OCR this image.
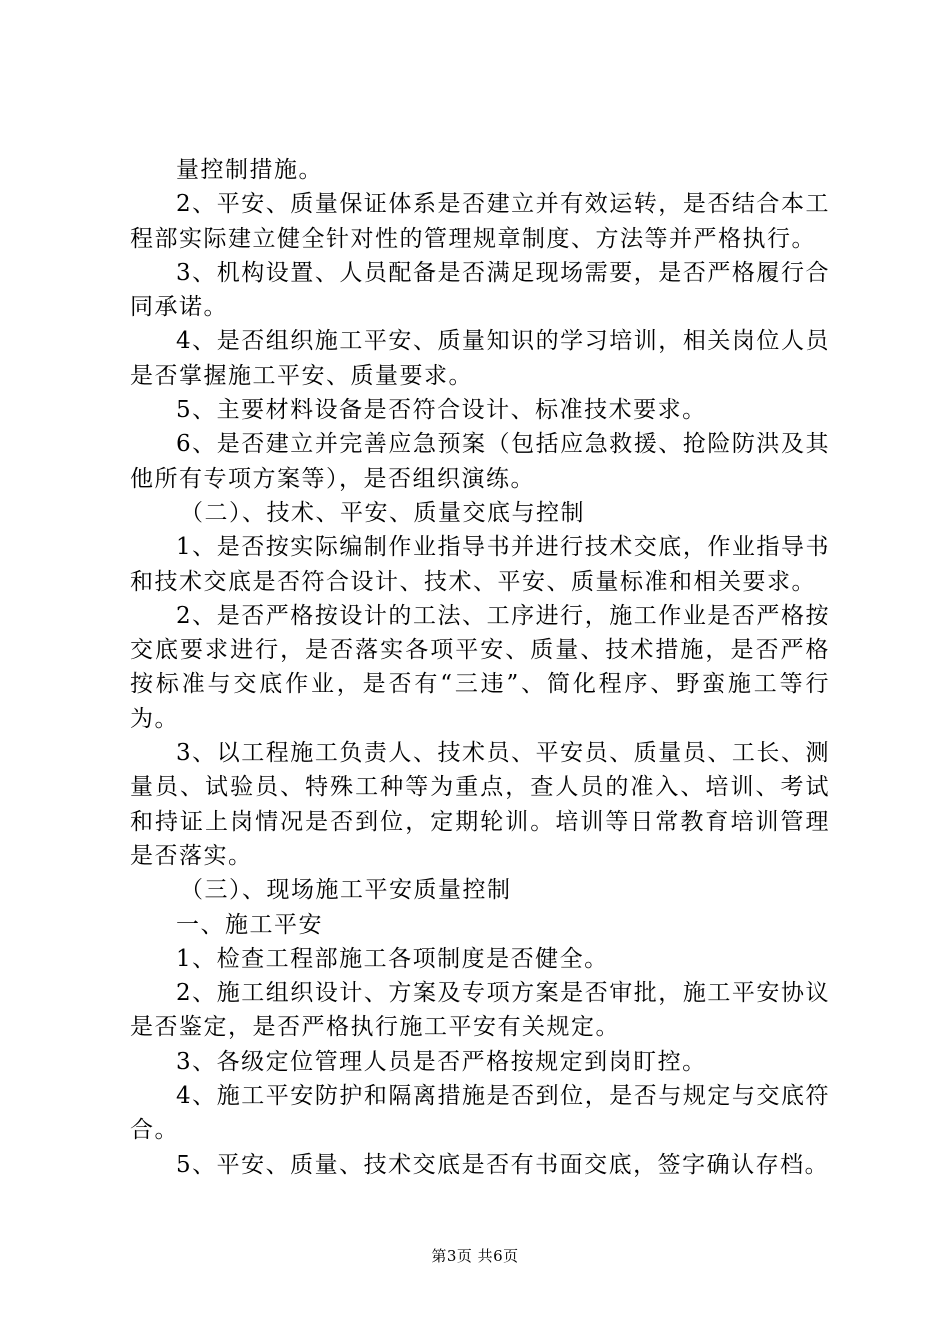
量控制措施。

2、平安、质量保证体系是否建立并有效运转，是否结合本工程部实际建立健全针对性的管理规章制度、方法等并严格执行。

3、机构设置、人员配备是否满足现场需要，是否严格履行合同承诺。

4、是否组织施工平安、质量知识的学习培训，相关岗位人员是否掌握施工平安、质量要求。

5、主要材料设备是否符合设计、标准技术要求。

6、是否建立并完善应急预案（包括应急救援、抢险防洪及其他所有专项方案等），是否组织演练。

（二）、技术、平安、质量交底与控制

1、是否按实际编制作业指导书并进行技术交底，作业指导书和技术交底是否符合设计、技术、平安、质量标准和相关要求。

2、是否严格按设计的工法、工序进行，施工作业是否严格按交底要求进行，是否落实各项平安、质量、技术措施，是否严格按标准与交底作业，是否有“三违”、简化程序、野蛮施工等行为。

3、以工程施工负责人、技术员、平安员、质量员、工长、测量员、试验员、特殊工种等为重点，查人员的准入、培训、考试和持证上岗情况是否到位，定期轮训。培训等日常教育培训管理是否落实。

（三）、现场施工平安质量控制

一、施工平安

1、检查工程部施工各项制度是否健全。

2、施工组织设计、方案及专项方案是否审批，施工平安协议是否鉴定，是否严格执行施工平安有关规定。

3、各级定位管理人员是否严格按规定到岗盯控。

4、施工平安防护和隔离措施是否到位，是否与规定与交底符合。

5、平安、质量、技术交底是否有书面交底，签字确认存档。

第3页 共6页
